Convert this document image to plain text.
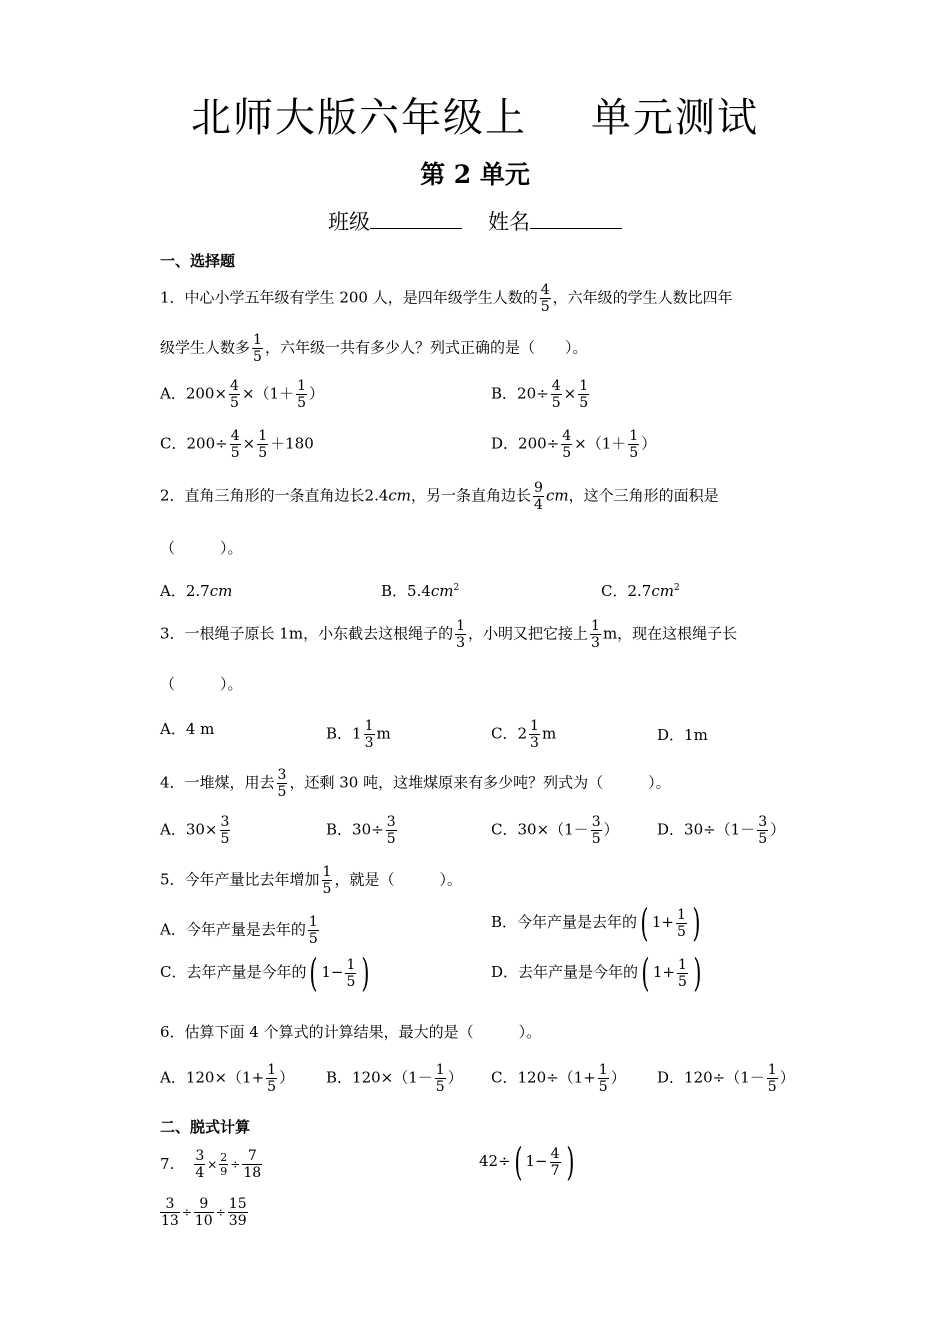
北师大版六年级上 单元测试
第 2 单元
班级	姓名
一、选择题
1．中心小学五年级有学生 200 人，是四年级学生人数的 $\frac{4}{5}$ ，六年级的学生人数比四年
级学生人数多 $\frac{1}{5}$ ，六年级一共有多少人？列式正确的是（　　）。
A．$200\times \frac{4}{5} \times(1+ \frac{1}{5}$ ）	B．$20\div \frac{4}{5} \times \frac{1}{5}$
C．$200\div \frac{4}{5} \times \frac{1}{5} +180$	D．$200\div \frac{4}{5} \times(1+ \frac{1}{5}$ ）
2．直角三角形的一条直角边长2.4cm，另一条直角边长 $\frac{9}{4}$ cm，这个三角形的面积是
（　　　）。
A．2.7cm	B．$5.4cm^2$	C．$2.7cm^2$
3．一根绳子原长 1m，小东截去这根绳子的 $\frac{1}{3}$ ，小明又把它接上 $\frac{1}{3}$ m，现在这根绳子长
（　　　）。
A．4 m	B．$1 \frac{1}{3}$ m	C．$2 \frac{1}{3}$ m	D．1m
4．一堆煤，用去 $\frac{3}{5}$ ，还剩 30 吨，这堆煤原来有多少吨？列式为（　　　）。
A．$30\times \frac{3}{5}$	B．$30\div \frac{3}{5}$	C．$30\times(1- \frac{3}{5}$ ）	D．$30\div(1- \frac{3}{5}$ ）
5．今年产量比去年增加 $\frac{1}{5}$ ，就是（　　　）。
A．今年产量是去年的 $\frac{1}{5}$	B．今年产量是去年的( $1+ \frac{1}{5}$ )
C．去年产量是今年的( $1- \frac{1}{5}$ )	D．去年产量是今年的( $1+ \frac{1}{5}$ )
6．估算下面 4 个算式的计算结果，最大的是（　　　）。
A．$120\times(1+ \frac{1}{5}$ ） B．$120\times(1- \frac{1}{5}$ ） C．$120\div(1+ \frac{1}{5}$ ） D．$120\div(1- \frac{1}{5}$ ）
二、脱式计算
7. $\frac{3}{4} \times \frac{2}{9} \div \frac{7}{18}$	42÷( $1- \frac{4}{7}$ )
$\frac{3}{13} \div \frac{9}{10} \div \frac{15}{39}$
